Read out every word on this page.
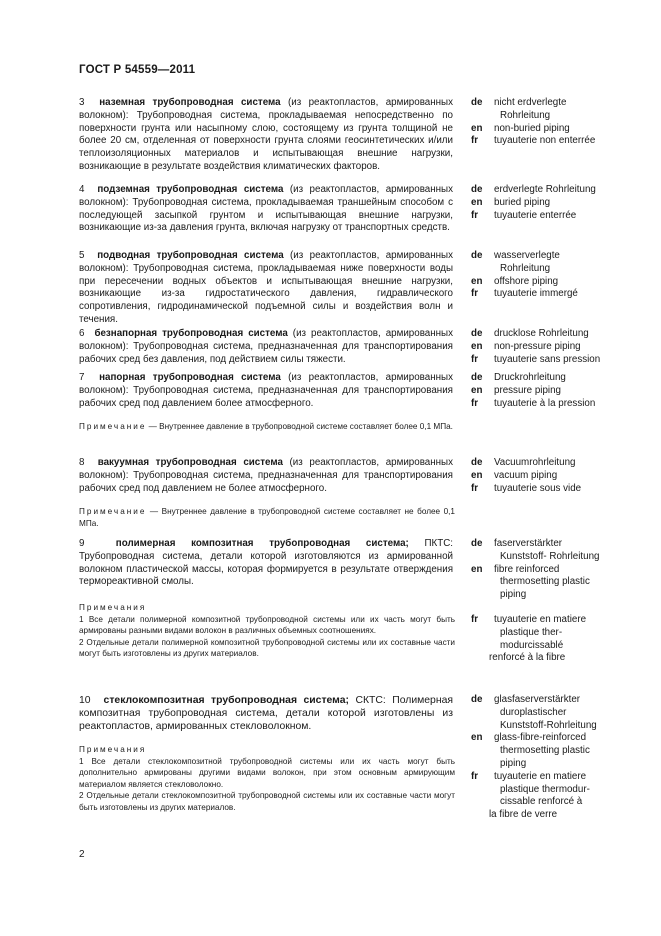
ГОСТ Р 54559—2011
3 наземная трубопроводная система (из реактопластов, армированных волокном): Трубопроводная система, прокладываемая непосредственно по поверхности грунта или насыпному слою, состоящему из грунта толщиной не более 20 см, отделенная от поверхности грунта слоями геосинтетических и/или теплоизоляционных материалов и испытывающая внешние нагрузки, возникающие в результате воздействия климатических факторов.
de	nicht erdverlegte
Rohrleitung
en	non-buried piping
fr	tuyauterie non enterrée
4 подземная трубопроводная система (из реактопластов, армированных волокном): Трубопроводная система, прокладываемая траншейным способом с последующей засыпкой грунтом и испытывающая внешние нагрузки, возникающие из-за давления грунта, включая нагрузку от транспортных средств.
de	erdverlegte Rohrleitung
en	buried piping
fr	tuyauterie enterrée
5 подводная трубопроводная система (из реактопластов, армированных волокном): Трубопроводная система, прокладываемая ниже поверхности воды при пересечении водных объектов и испытывающая внешние нагрузки, возникающие из-за гидростатического давления, гидравлического сопротивления, гидродинамической подъемной силы и воздействия волн и течения.
de	wasserverlegte
Rohrleitung
en	offshore piping
fr	tuyauterie immergé
6 безнапорная трубопроводная система (из реактопластов, армированных волокном): Трубопроводная система, предназначенная для транспортирования рабочих сред без давления, под действием силы тяжести.
de	drucklose Rohrleitung
en	non-pressure piping
fr	tuyauterie sans pression
7 напорная трубопроводная система (из реактопластов, армированных волокном): Трубопроводная система, предназначенная для транспортирования рабочих сред под давлением более атмосферного.
de	Druckrohrleitung
en	pressure piping
fr	tuyauterie à la pression
Примечание — Внутреннее давление в трубопроводной системе составляет более 0,1 МПа.
8 вакуумная трубопроводная система (из реактопластов, армированных волокном): Трубопроводная система, предназначенная для транспортирования рабочих сред под давлением не более атмосферного.
de	Vacuumrohrleitung
en	vacuum piping
fr	tuyauterie sous vide
Примечание — Внутреннее давление в трубопроводной системе составляет не более 0,1 МПа.
9	полимерная композитная трубопроводная система; ПКТС: Трубопроводная система, детали которой изготовляются из армированной волокном пластической массы, которая формируется в результате отверждения термореактивной смолы.
de	faserverstärkter
Kunststoff- Rohrleitung
en	fibre reinforced
thermosetting plastic
piping
fr	tuyauterie en matiere
plastique ther-
modurcissablé
renforcé à la fibre
Примечания
1 Все детали полимерной композитной трубопроводной системы или их часть могут быть армированы разными видами волокон в различных объемных соотношениях.
2 Отдельные детали полимерной композитной трубопроводной системы или их составные части могут быть изготовлены из других материалов.
10 стеклокомпозитная трубопроводная система; СКТС: Полимерная композитная трубопроводная система, детали которой изготовлены из реактопластов, армированных стекловолокном.
de	glasfaserverstärkter
duroplastischer
Kunststoff-Rohrleitung
en	glass-fibre-reinforced
thermosetting plastic
piping
fr	tuyauterie en matiere
plastique thermodur-
cissable renforcé à
la fibre de verre
Примечания
1 Все детали стеклокомпозитной трубопроводной системы или их часть могут быть дополнительно армированы другими видами волокон, при этом основным армирующим материалом является стекловолокно.
2 Отдельные детали стеклокомпозитной трубопроводной системы или их составные части могут быть изготовлены из других материалов.
2
